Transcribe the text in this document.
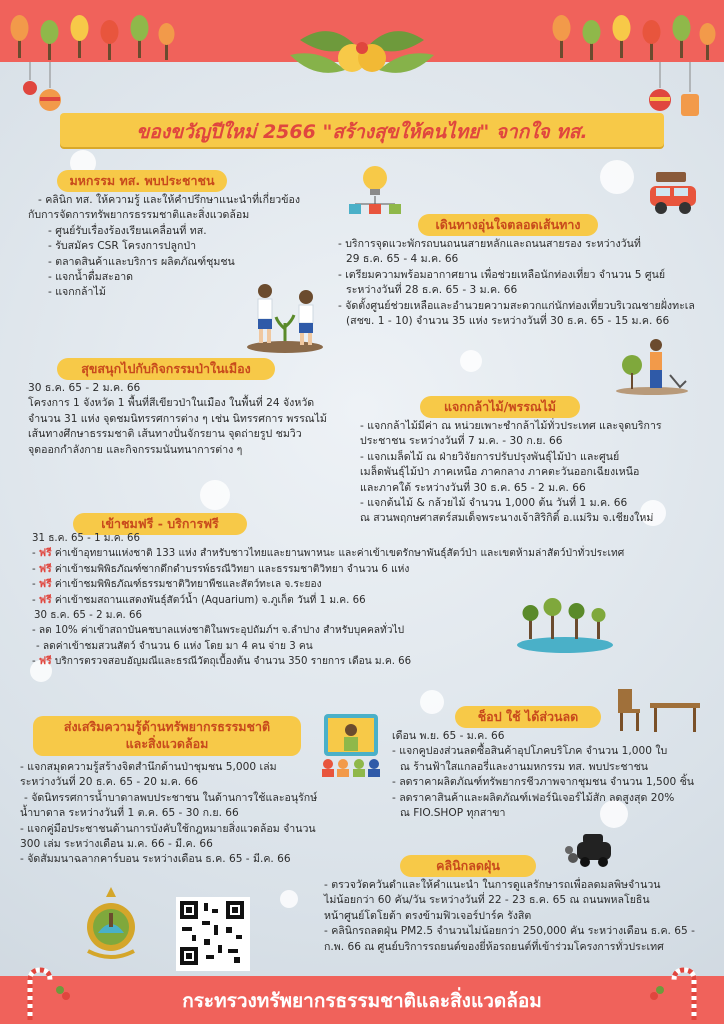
ของขวัญปีใหม่ 2566 "สร้างสุขให้คนไทย" จากใจ ทส.
มหกรรม ทส. พบประชาชน
- คลินิก ทส. ให้ความรู้ และให้คำปรึกษาแนะนำที่เกี่ยวข้อง
กับการจัดการทรัพยากรธรรมชาติและสิ่งแวดล้อม
- ศูนย์รับเรื่องร้องเรียนเคลื่อนที่ ทส.
- รับสมัคร CSR โครงการปลูกป่า
- ตลาดสินค้าและบริการ ผลิตภัณฑ์ชุมชน
- แจกน้ำดื่มสะอาด
- แจกกล้าไม้
เดินทางอุ่นใจตลอดเส้นทาง
- บริการจุดแวะพักรถบนถนนสายหลักและถนนสายรอง ระหว่างวันที่
29 ธ.ค. 65 - 4 ม.ค. 66
- เตรียมความพร้อมอากาศยาน เพื่อช่วยเหลือนักท่องเที่ยว จำนวน 5 ศูนย์
ระหว่างวันที่ 28 ธ.ค. 65 - 3 ม.ค. 66
- จัดตั้งศูนย์ช่วยเหลือและอำนวยความสะดวกแก่นักท่องเที่ยวบริเวณชายฝั่งทะเล
(สชข. 1 - 10) จำนวน 35 แห่ง ระหว่างวันที่ 30 ธ.ค. 65 - 15 ม.ค. 66
สุขสนุกไปกับกิจกรรมป่าในเมือง
30 ธ.ค. 65 - 2 ม.ค. 66
โครงการ 1 จังหวัด 1 พื้นที่สีเขียวป่าในเมือง ในพื้นที่ 24 จังหวัด
จำนวน 31 แห่ง จุดชมนิทรรศการต่าง ๆ เช่น นิทรรศการ พรรณไม้
เส้นทางศึกษาธรรมชาติ เส้นทางปั่นจักรยาน จุดถ่ายรูป ชมวิว
จุดออกกำลังกาย และกิจกรรมนันทนาการต่าง ๆ
แจกกล้าไม้/พรรณไม้
- แจกกล้าไม้มีค่า ณ หน่วยเพาะชำกล้าไม้ทั่วประเทศ และจุดบริการ
ประชาชน ระหว่างวันที่ 7 ม.ค. - 30 ก.ย. 66
- แจกเมล็ดไม้ ณ ฝ่ายวิจัยการปรับปรุงพันธุ์ไม้ป่า และศูนย์
เมล็ดพันธุ์ไม้ป่า ภาคเหนือ ภาคกลาง ภาคตะวันออกเฉียงเหนือ
และภาคใต้ ระหว่างวันที่ 30 ธ.ค. 65 - 2 ม.ค. 66
- แจกต้นไม้ & กล้วยไม้ จำนวน 1,000 ต้น วันที่ 1 ม.ค. 66
ณ สวนพฤกษศาสตร์สมเด็จพระนางเจ้าสิริกิติ์ อ.แม่ริม จ.เชียงใหม่
เข้าชมฟรี - บริการฟรี
31 ธ.ค. 65 - 1 ม.ค. 66
- ฟรี ค่าเข้าอุทยานแห่งชาติ 133 แห่ง สำหรับชาวไทยและยานพาหนะ และค่าเข้าเขตรักษาพันธุ์สัตว์ป่า และเขตห้ามล่าสัตว์ป่าทั่วประเทศ
- ฟรี ค่าเข้าชมพิพิธภัณฑ์ซากดึกดำบรรพ์ธรณีวิทยา และธรรมชาติวิทยา จำนวน 6 แห่ง
- ฟรี ค่าเข้าชมพิพิธภัณฑ์ธรรมชาติวิทยาพืชและสัตว์ทะเล จ.ระยอง
- ฟรี ค่าเข้าชมสถานแสดงพันธุ์สัตว์น้ำ (Aquarium) จ.ภูเก็ต วันที่ 1 ม.ค. 66
30 ธ.ค. 65 - 2 ม.ค. 66
- ลด 10% ค่าเข้าสถาบันคชบาลแห่งชาติในพระอุปถัมภ์ฯ จ.ลำปาง สำหรับบุคคลทั่วไป
- ลดค่าเข้าชมสวนสัตว์ จำนวน 6 แห่ง โดย มา 4 คน จ่าย 3 คน
- ฟรี บริการตรวจสอบอัญมณีและธรณีวัตถุเบื้องต้น จำนวน 350 รายการ เดือน ม.ค. 66
ส่งเสริมความรู้ด้านทรัพยากรธรรมชาติ
และสิ่งแวดล้อม
- แจกสมุดความรู้สร้างจิตสำนึกด้านป่าชุมชน 5,000 เล่ม
ระหว่างวันที่ 20 ธ.ค. 65 - 20 ม.ค. 66
- จัดนิทรรศการน้ำบาดาลพบประชาชน ในด้านการใช้และอนุรักษ์
น้ำบาดาล ระหว่างวันที่ 1 ต.ค. 65 - 30 ก.ย. 66
- แจกคู่มือประชาชนด้านการบังคับใช้กฎหมายสิ่งแวดล้อม จำนวน
300 เล่ม ระหว่างเดือน ม.ค. 66 - มี.ค. 66
- จัดสัมมนาฉลากคาร์บอน ระหว่างเดือน ธ.ค. 65 - มี.ค. 66
ช็อป ใช้ ได้ส่วนลด
เดือน พ.ย. 65 - ม.ค. 66
- แจกคูปองส่วนลดซื้อสินค้าอุปโภคบริโภค จำนวน 1,000 ใบ
ณ ร้านฟ้าใสแกลอรี่และงานมหกรรม ทส. พบประชาชน
- ลดราคาผลิตภัณฑ์ทรัพยากรชีวภาพจากชุมชน จำนวน 1,500 ชิ้น
- ลดราคาสินค้าและผลิตภัณฑ์เฟอร์นิเจอร์ไม้สัก ลดสูงสุด 20%
ณ FIO.SHOP ทุกสาขา
คลินิกลดฝุ่น
- ตรวจวัดควันดำและให้คำแนะนำ ในการดูแลรักษารถเพื่อลดมลพิษจำนวน
ไม่น้อยกว่า 60 คัน/วัน ระหว่างวันที่ 22 - 23 ธ.ค. 65 ณ ถนนพหลโยธิน
หน้าศูนย์โตโยต้า ตรงข้ามฟิวเจอร์ปาร์ค รังสิต
- คลินิกรถลดฝุ่น PM2.5 จำนวนไม่น้อยกว่า 250,000 คัน ระหว่างเดือน ธ.ค. 65 -
ก.พ. 66 ณ ศูนย์บริการรถยนต์ของยี่ห้อรถยนต์ที่เข้าร่วมโครงการทั่วประเทศ
กระทรวงทรัพยากรธรรมชาติและสิ่งแวดล้อม
